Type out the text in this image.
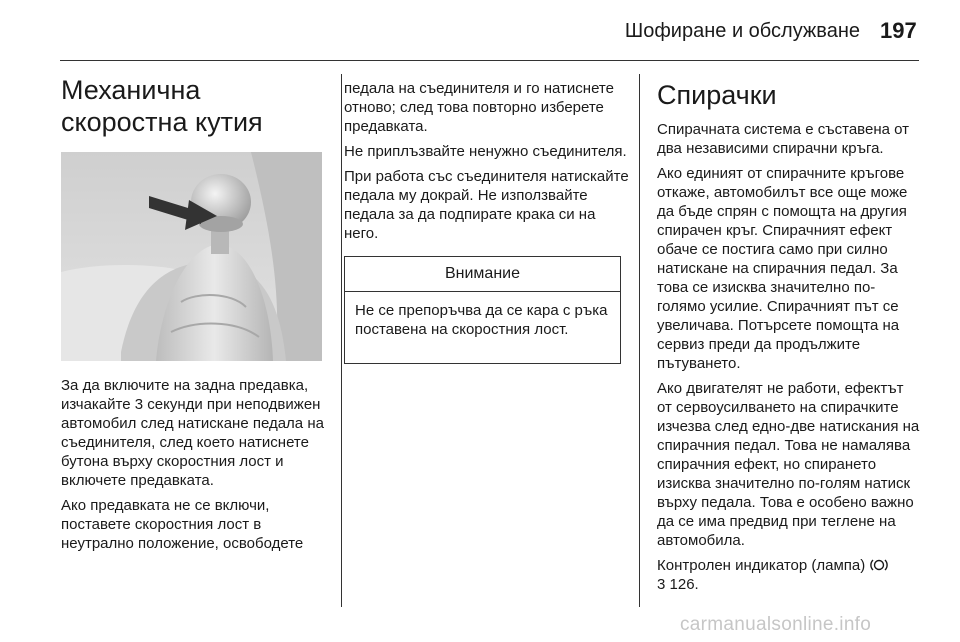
Шофиране и обслужване 197
Механична скоростна кутия

За да включите на задна предавка, изчакайте 3 секунди при неподвижен автомобил след натискане педала на съединителя, след което натиснете бутона върху скоростния лост и включете предавката.

Ако предавката не се включи, поставете скоростния лост в неутрално положение, освободете

педала на съединителя и го натиснете отново; след това повторно изберете предавката.

Не приплъзвайте ненужно съединителя.

При работа със съединителя натискайте педала му докрай. Не използвайте педала за да подпирате крака си на него.

Внимание
Не се препоръчва да се кара с ръка поставена на скоростния лост.
Спирачки

Спирачната система е съставена от два независими спирачни кръга.

Ако единият от спирачните кръгове откаже, автомобилът все още може да бъде спрян с помощта на другия спирачен кръг. Спирачният ефект обаче се постига само при силно натискане на спирачния педал. За това се изисква значително по-голямо усилие. Спирачният път се увеличава. Потърсете помощта на сервиз преди да продължите пътуването.

Ако двигателят не работи, ефектът от сервоусилването на спирачките изчезва след едно-две натискания на спирачния педал. Това не намалява спирачния ефект, но спирането изисква значително по-голям натиск върху педала. Това е особено важно да се има предвид при теглене на автомобила.

Контролен индикатор (лампа)
3 126.

carmanualsonline.info
